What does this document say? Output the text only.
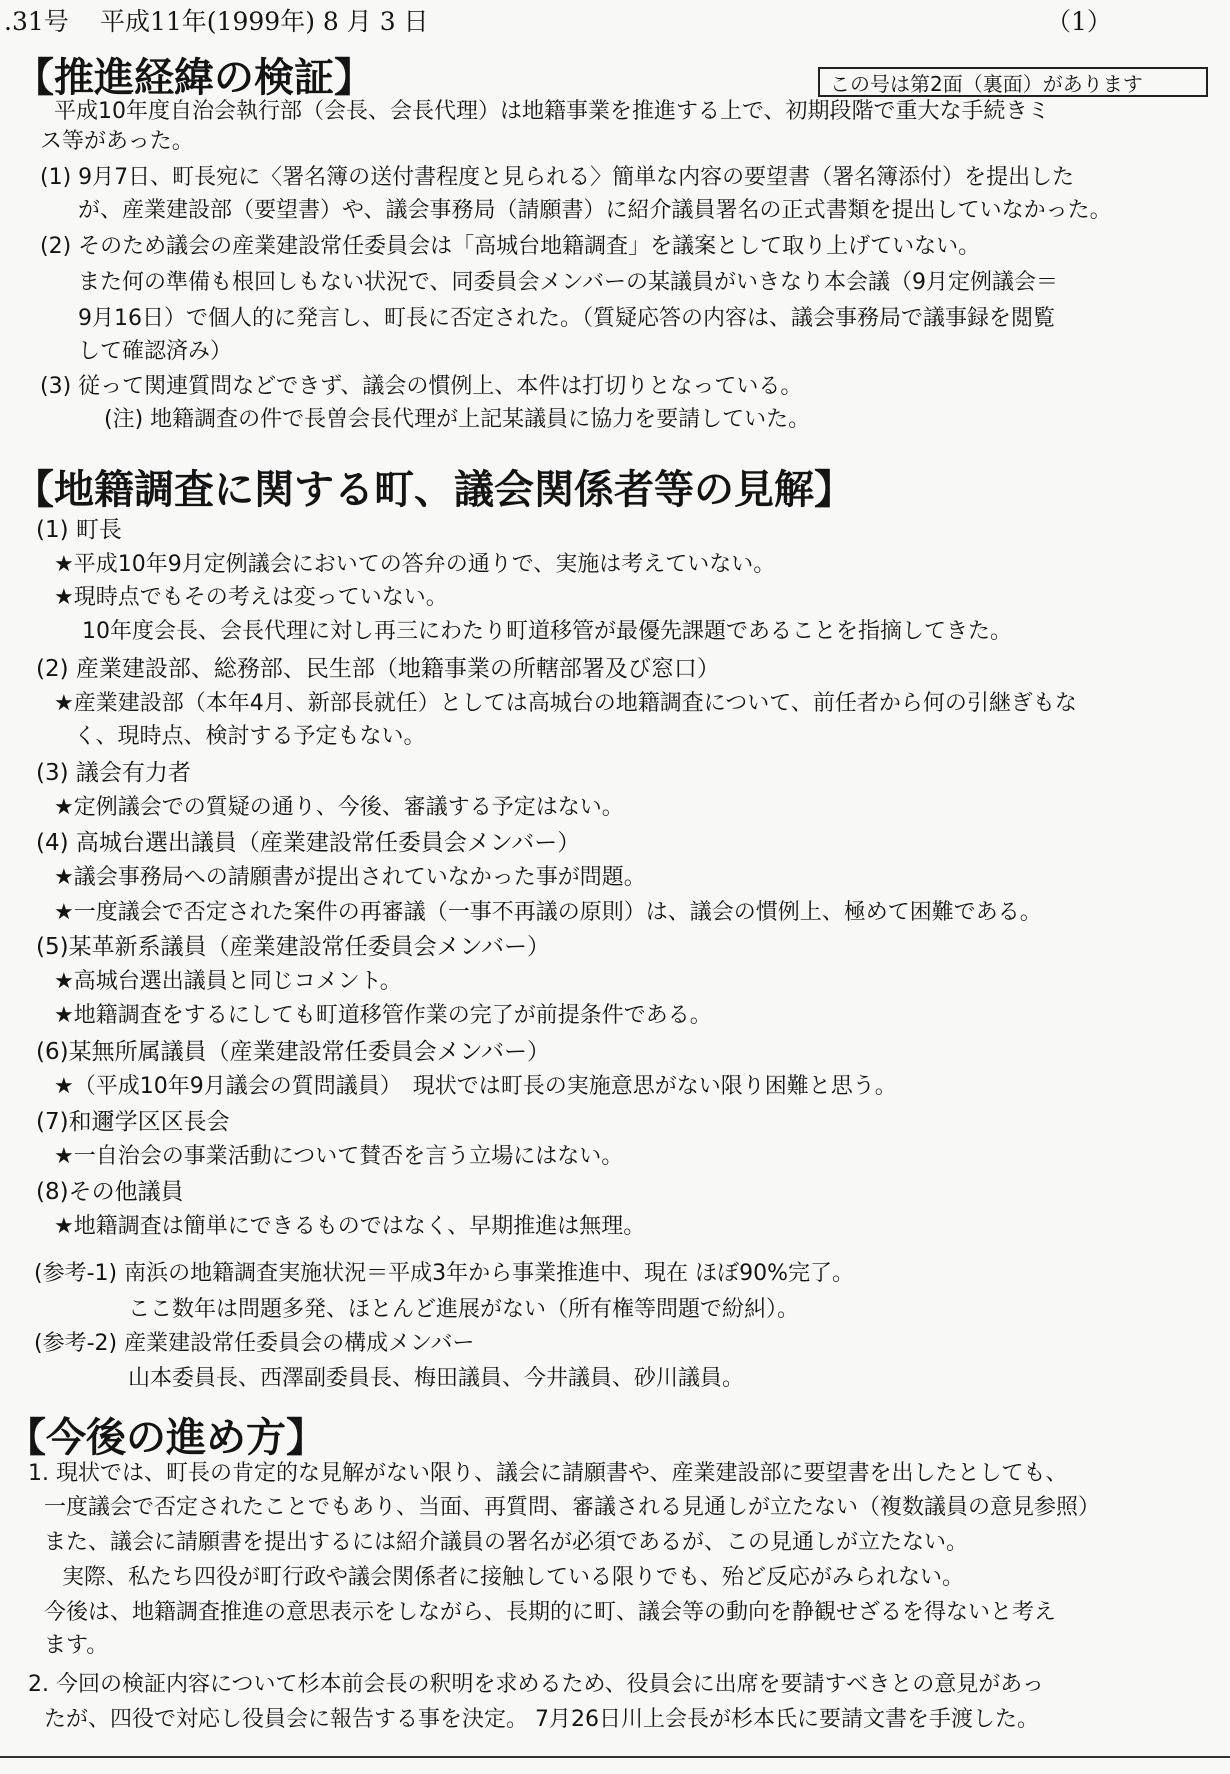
.31号 平成11年(1999年) 8 月 3 日	（1）
この号は第2面（裏面）があります
【推進経緯の検証】
平成10年度自治会執行部（会長、会長代理）は地籍事業を推進する上で、初期段階で重大な手続きミ
ス等があった。
(1) 9月7日、町長宛に〈署名簿の送付書程度と見られる〉簡単な内容の要望書（署名簿添付）を提出した
が、産業建設部（要望書）や、議会事務局（請願書）に紹介議員署名の正式書類を提出していなかった。
(2) そのため議会の産業建設常任委員会は「高城台地籍調査」を議案として取り上げていない。
また何の準備も根回しもない状況で、同委員会メンバーの某議員がいきなり本会議（9月定例議会＝
9月16日）で個人的に発言し、町長に否定された。（質疑応答の内容は、議会事務局で議事録を閲覧
して確認済み）
(3) 従って関連質問などできず、議会の慣例上、本件は打切りとなっている。
(注) 地籍調査の件で長曽会長代理が上記某議員に協力を要請していた。
【地籍調査に関する町、議会関係者等の見解】
(1) 町長
★平成10年9月定例議会においての答弁の通りで、実施は考えていない。
★現時点でもその考えは変っていない。
10年度会長、会長代理に対し再三にわたり町道移管が最優先課題であることを指摘してきた。
(2) 産業建設部、総務部、民生部（地籍事業の所轄部署及び窓口）
★産業建設部（本年4月、新部長就任）としては高城台の地籍調査について、前任者から何の引継ぎもな
く、現時点、検討する予定もない。
(3) 議会有力者
★定例議会での質疑の通り、今後、審議する予定はない。
(4) 高城台選出議員（産業建設常任委員会メンバー）
★議会事務局への請願書が提出されていなかった事が問題。
★一度議会で否定された案件の再審議（一事不再議の原則）は、議会の慣例上、極めて困難である。
(5)某革新系議員（産業建設常任委員会メンバー）
★高城台選出議員と同じコメント。
★地籍調査をするにしても町道移管作業の完了が前提条件である。
(6)某無所属議員（産業建設常任委員会メンバー）
★（平成10年9月議会の質問議員）　現状では町長の実施意思がない限り困難と思う。
(7)和邇学区区長会
★一自治会の事業活動について賛否を言う立場にはない。
(8)その他議員
★地籍調査は簡単にできるものではなく、早期推進は無理。
(参考-1) 南浜の地籍調査実施状況＝平成3年から事業推進中、現在 ほぼ90%完了。
ここ数年は問題多発、ほとんど進展がない（所有権等問題で紛糾）。
(参考-2) 産業建設常任委員会の構成メンバー
山本委員長、西澤副委員長、梅田議員、今井議員、砂川議員。
【今後の進め方】
1. 現状では、町長の肯定的な見解がない限り、議会に請願書や、産業建設部に要望書を出したとしても、
一度議会で否定されたことでもあり、当面、再質問、審議される見通しが立たない（複数議員の意見参照）
また、議会に請願書を提出するには紹介議員の署名が必須であるが、この見通しが立たない。
実際、私たち四役が町行政や議会関係者に接触している限りでも、殆ど反応がみられない。
今後は、地籍調査推進の意思表示をしながら、長期的に町、議会等の動向を静観せざるを得ないと考え
ます。
2. 今回の検証内容について杉本前会長の釈明を求めるため、役員会に出席を要請すべきとの意見があっ
たが、四役で対応し役員会に報告する事を決定。 7月26日川上会長が杉本氏に要請文書を手渡した。
